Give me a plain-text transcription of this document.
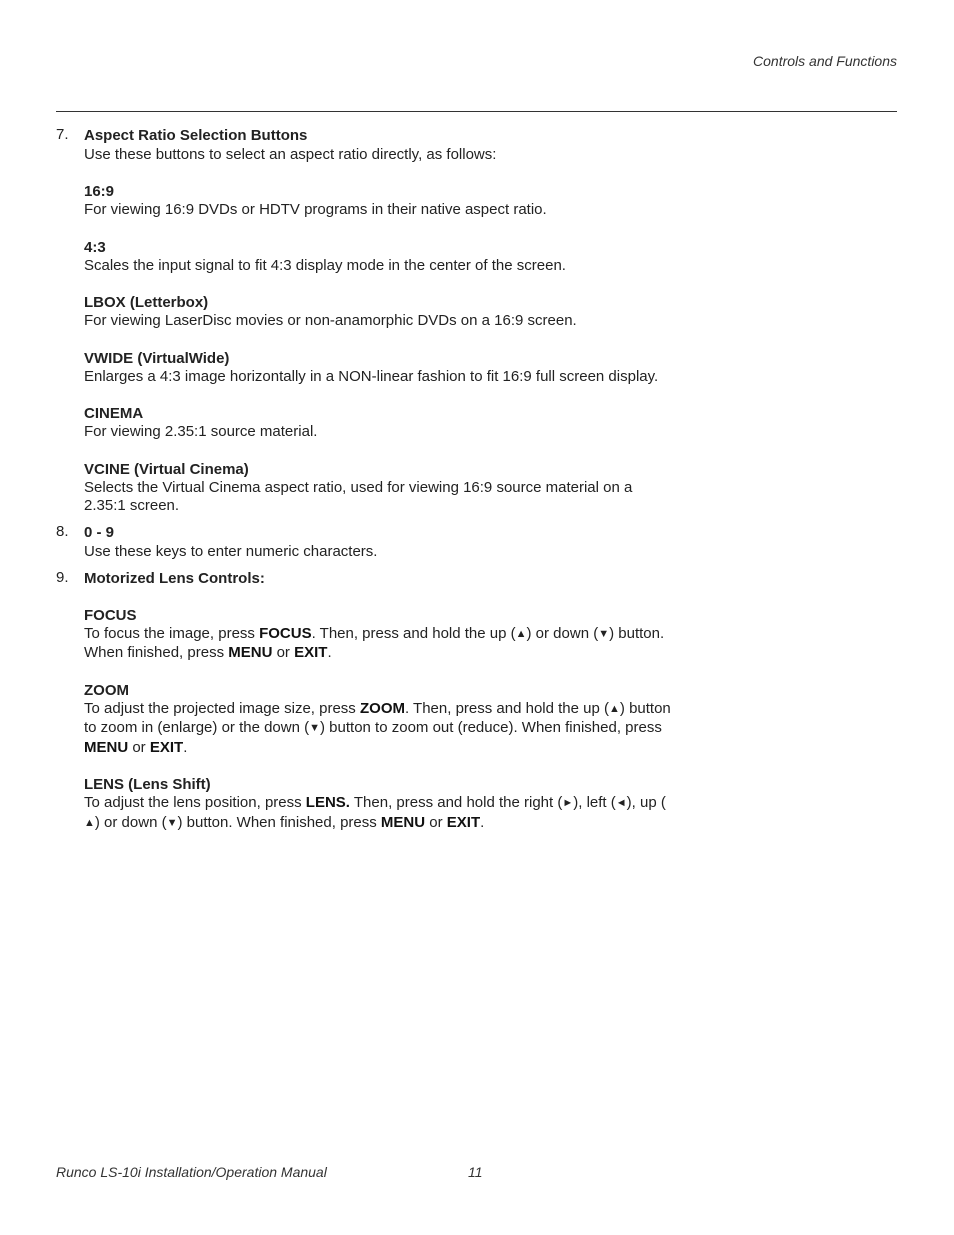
Controls and Functions
7.	Aspect Ratio Selection Buttons

Use these buttons to select an aspect ratio directly, as follows:

16:9

For viewing 16:9 DVDs or HDTV programs in their native aspect ratio.

4:3

Scales the input signal to fit 4:3 display mode in the center of the screen.

LBOX (Letterbox)

For viewing LaserDisc movies or non-anamorphic DVDs on a 16:9 screen.

VWIDE (VirtualWide)

Enlarges a 4:3 image horizontally in a NON-linear fashion to fit 16:9 full screen display.

CINEMA

For viewing 2.35:1 source material.

VCINE (Virtual Cinema)

Selects the Virtual Cinema aspect ratio, used for viewing 16:9 source material on a 2.35:1 screen.

8.	0 - 9

Use these keys to enter numeric characters.

9.	Motorized Lens Controls:
FOCUS

To focus the image, press FOCUS. Then, press and hold the up (▲) or down (▼) button. When finished, press MENU or EXIT.

ZOOM

To adjust the projected image size, press ZOOM. Then, press and hold the up (▲) button to zoom in (enlarge) or the down (▼) button to zoom out (reduce). When finished, press MENU or EXIT.

LENS (Lens Shift)

To adjust the lens position, press LENS. Then, press and hold the right (►), left (◄), up (▲) or down (▼) button. When finished, press MENU or EXIT.

Runco LS-10i Installation/Operation Manual	11
